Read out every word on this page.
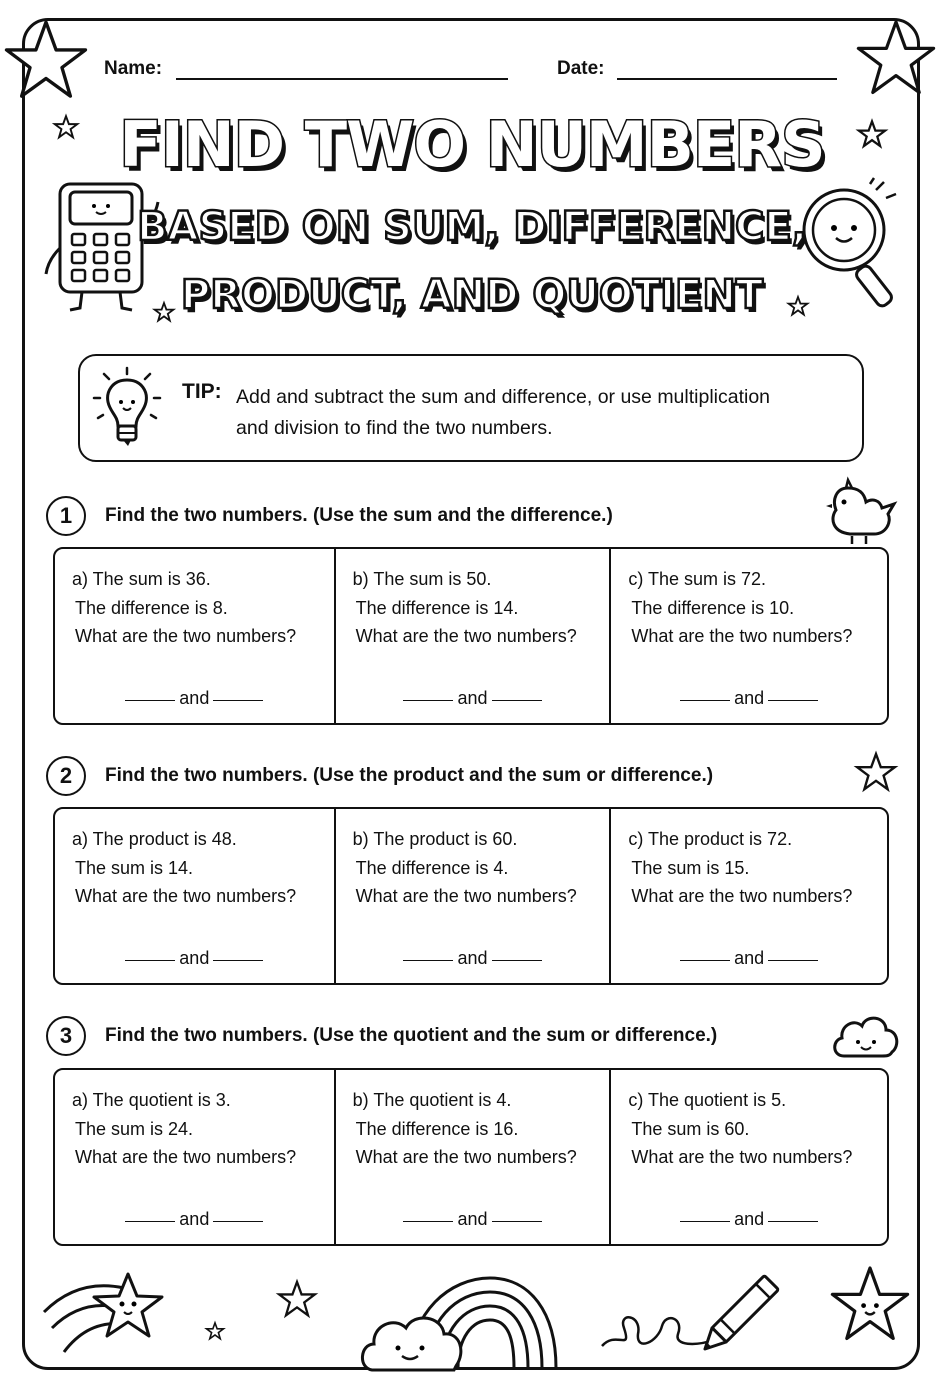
Name:	Date:
FIND TWO NUMBERS
BASED ON SUM, DIFFERENCE,
PRODUCT, AND QUOTIENT
TIP: Add and subtract the sum and difference, or use multiplication
and division to find the two numbers.
1	Find the two numbers. (Use the sum and the difference.)
a) The sum is 36.
The difference is 8.
What are the two numbers?
and
b) The sum is 50.
The difference is 14.
What are the two numbers?
and
c) The sum is 72.
The difference is 10.
What are the two numbers?
and
2	Find the two numbers. (Use the product and the sum or difference.)
a) The product is 48.
The sum is 14.
What are the two numbers?
and
b) The product is 60.
The difference is 4.
What are the two numbers?
and
c) The product is 72.
The sum is 15.
What are the two numbers?
and
3	Find the two numbers. (Use the quotient and the sum or difference.)
a) The quotient is 3.
The sum is 24.
What are the two numbers?
and
b) The quotient is 4.
The difference is 16.
What are the two numbers?
and
c) The quotient is 5.
The sum is 60.
What are the two numbers?
and
